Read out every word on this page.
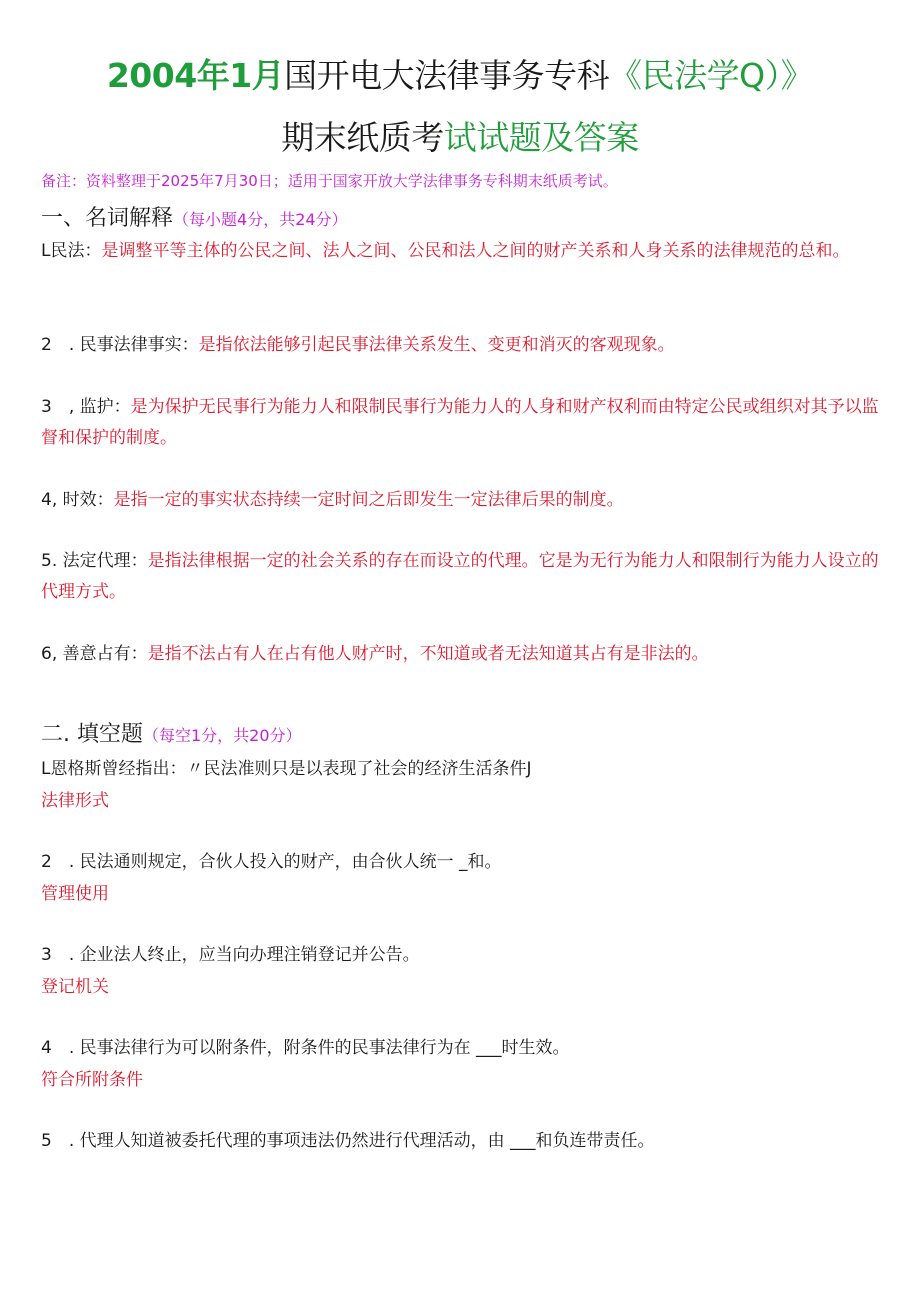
2004年1月国开电大法律事务专科《民法学Q）》
期末纸质考试试题及答案
备注：资料整理于2025年7月30日；适用于国家开放大学法律事务专科期末纸质考试。
一、名词解释（每小题4分，共24分）
L民法：是调整平等主体的公民之间、法人之间、公民和法人之间的财产关系和人身关系的法律规范的总和。
2　. 民事法律事实：是指依法能够引起民事法律关系发生、变更和消灭的客观现象。
3　, 监护：是为保护无民事行为能力人和限制民事行为能力人的人身和财产权利而由特定公民或组织对其予以监督和保护的制度。
4, 时效：是指一定的事实状态持续一定时间之后即发生一定法律后果的制度。
5. 法定代理：是指法律根据一定的社会关系的存在而设立的代理。它是为无行为能力人和限制行为能力人设立的代理方式。
6, 善意占有：是指不法占有人在占有他人财产时，不知道或者无法知道其占有是非法的。
二. 填空题（每空1分，共20分）
L恩格斯曾经指出：〃民法准则只是以表现了社会的经济生活条件J
法律形式
2　. 民法通则规定，合伙人投入的财产，由合伙人统一 _和。
管理使用
3　. 企业法人终止，应当向办理注销登记并公告。
登记机关
4　. 民事法律行为可以附条件，附条件的民事法律行为在 ___时生效。
符合所附条件
5　. 代理人知道被委托代理的事项违法仍然进行代理活动，由 ___和负连带责任。
